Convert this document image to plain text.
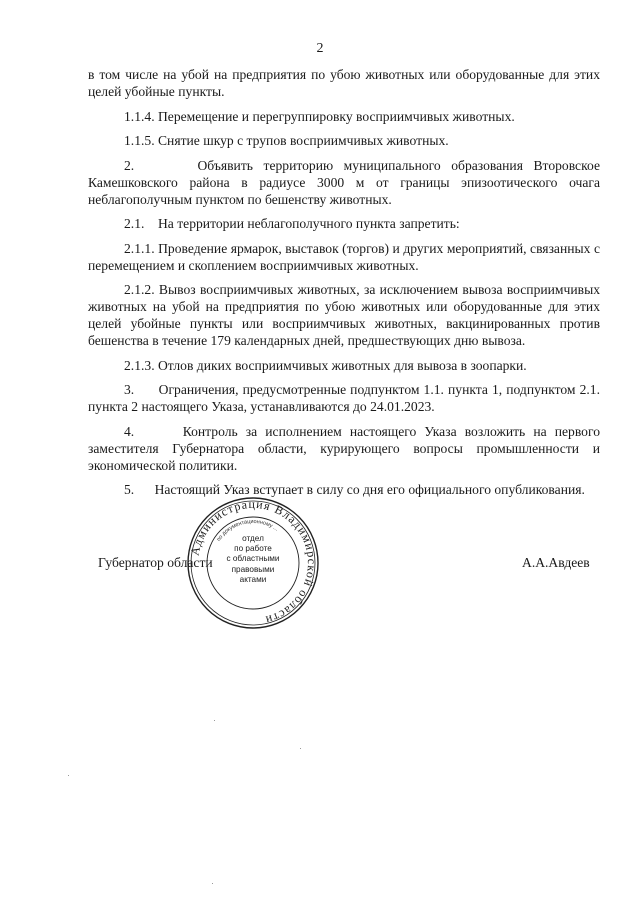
2

в том числе на убой на предприятия по убою животных или оборудованные для этих целей убойные пункты.

1.1.4. Перемещение и перегруппировку восприимчивых животных.

1.1.5. Снятие шкур с трупов восприимчивых животных.

2.      Объявить территорию муниципального образования Второвское Камешковского района в радиусе 3000 м от границы эпизоотического очага неблагополучным пунктом по бешенству животных.

2.1.    На территории неблагополучного пункта запретить:

2.1.1. Проведение ярмарок, выставок (торгов) и других мероприятий, связанных с перемещением и скоплением восприимчивых животных.

2.1.2. Вывоз восприимчивых животных, за исключением вывоза восприимчивых животных на убой на предприятия по убою животных или оборудованные для этих целей убойные пункты или восприимчивых животных, вакцинированных против бешенства в течение 179 календарных дней, предшествующих дню вывоза.

2.1.3. Отлов диких восприимчивых животных для вывоза в зоопарки.

3.      Ограничения, предусмотренные подпунктом 1.1. пункта 1, подпунктом 2.1. пункта 2 настоящего Указа, устанавливаются до 24.01.2023.

4.      Контроль за исполнением настоящего Указа возложить на первого заместителя Губернатора области, курирующего вопросы промышленности и экономической политики.

5.      Настоящий Указ вступает в силу со дня его официального опубликования.

Губернатор области	А.А.Авдеев
Администрация Владимирской области
по документационному ...
отдел
по работе
с областными
правовыми
актами
